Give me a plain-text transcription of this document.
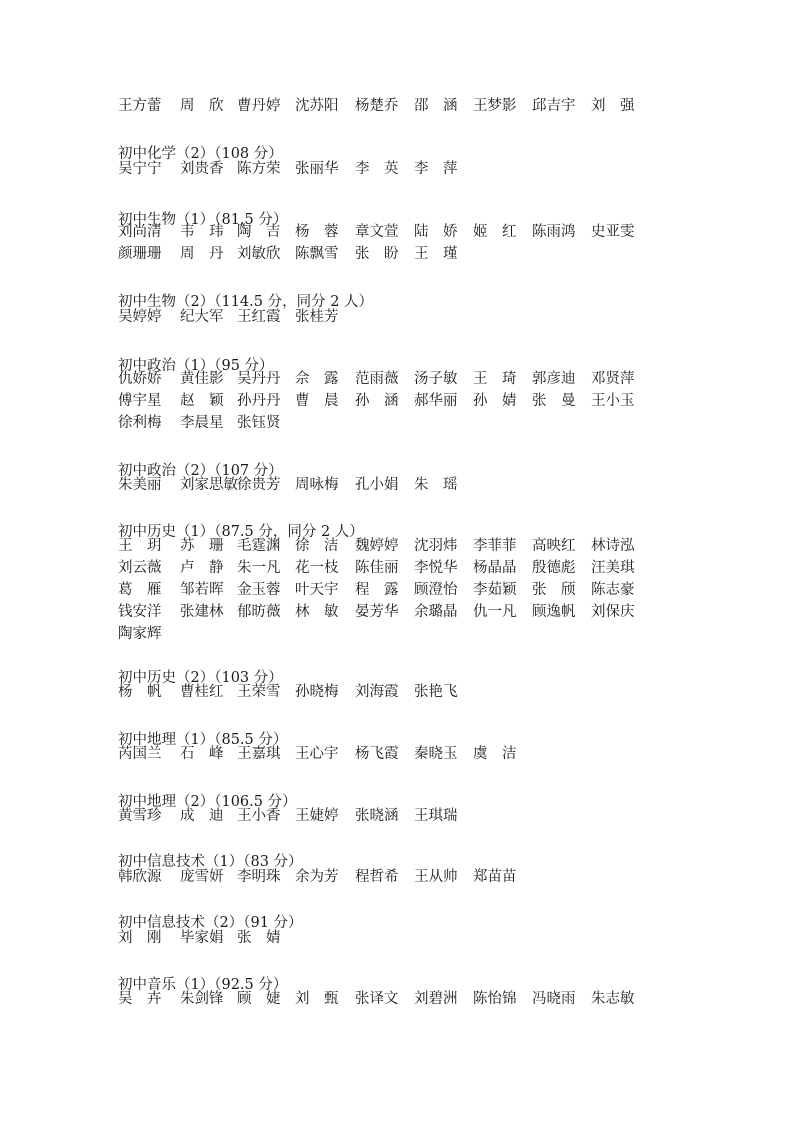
王方蕾 周　欣 曹丹婷 沈苏阳 杨楚乔 邵　涵 王梦影 邱吉宇 刘　强
初中化学（2）（108 分）
吴宁宁 刘贵香 陈方荣 张丽华 李　英 李　萍
初中生物（1）（81.5 分）
刘尚清 韦　玮 陶　吉 杨　蓉 章文萱 陆　娇 姬　红 陈雨鸿 史亚雯
颜珊珊 周　丹 刘敏欣 陈飘雪 张　盼 王　瑾
初中生物（2）（114.5 分，同分 2 人）
吴婷婷 纪大军 王红霞 张桂芳
初中政治（1）（95 分）
仇娇娇 黄佳影 吴丹丹 佘　露 范雨薇 汤子敏 王　琦 郭彦迪 邓贤萍
傅宇星 赵　颖 孙丹丹 曹　晨 孙　涵 郝华丽 孙　婧 张　曼 王小玉
徐利梅 李晨星 张钰贤
初中政治（2）（107 分）
朱美丽 刘家思敏 徐贵芳 周咏梅 孔小娟 朱　瑶
初中历史（1）（87.5 分，同分 2 人）
王　玥 苏　珊 毛霆渊 徐　洁 魏婷婷 沈羽炜 李菲菲 高映红 林诗泓
刘云薇 卢　静 朱一凡 花一枝 陈佳丽 李悦华 杨晶晶 殷德彪 汪美琪
葛　雁 邹若晖 金玉蓉 叶天宇 程　露 顾澄怡 李茹颖 张　颀 陈志豪
钱安洋 张建林 郁昉薇 林　敏 晏芳华 余璐晶 仇一凡 顾逸帆 刘保庆
陶家辉
初中历史（2）（103 分）
杨　帆 曹桂红 王荣雪 孙晓梅 刘海霞 张艳飞
初中地理（1）（85.5 分）
芮国兰 石　峰 王嘉琪 王心宇 杨飞霞 秦晓玉 虞　洁
初中地理（2）（106.5 分）
黄雪珍 成　迪 王小香 王婕婷 张晓涵 王琪瑞
初中信息技术（1）（83 分）
韩欣源 庞雪妍 李明珠 余为芳 程哲希 王从帅 郑苗苗
初中信息技术（2）（91 分）
刘　刚 毕家娟 张　婧
初中音乐（1）（92.5 分）
吴　卉 朱剑锋 顾　婕 刘　甄 张译文 刘碧洲 陈怡锦 冯晓雨 朱志敏
